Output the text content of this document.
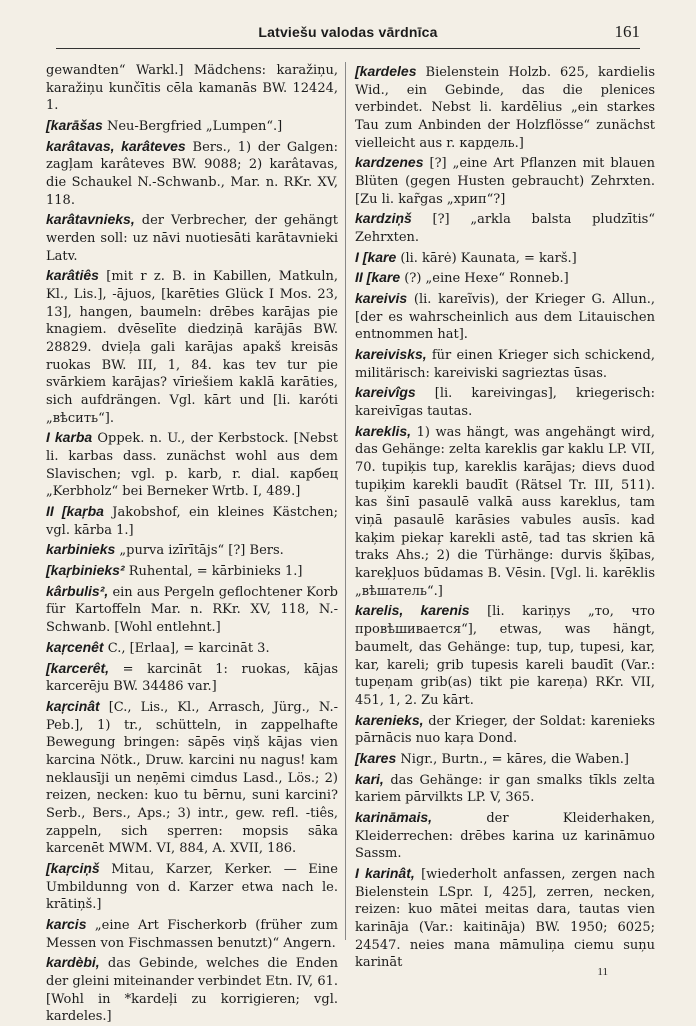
Latviešu valodas vārdnīca	161

gewandten“ Warkl.] Mädchens: karažiņu, karažiņu kunčītis cēla kamanās BW. 12424, 1.

[karāšas Neu-Bergfried „Lumpen“.]

karâtavas, karâteves Bers., 1) der Galgen: zagļam karâteves BW. 9088; 2) karâtavas, die Schaukel N.-Schwanb., Mar. n. RKr. XV, 118.

karâtavnieks, der Verbrecher, der gehängt werden soll: uz nāvi nuotiesāti karātavnieki Latv.

karâtiês [mit r z. B. in Kabillen, Matkuln, Kl., Lis.], -ājuos, [karēties Glück I Mos. 23, 13], hangen, baumeln: drēbes karājas pie knagiem. dvēselīte diedziņā karājās BW. 28829. dvieļa gali karājas apakš kreisās ruokas BW. III, 1, 84. kas tev tur pie svārkiem karājas? vīriešiem kaklā karāties, sich aufdrängen. Vgl. kārt und [li. karóti „вѣсить“].

I karba Oppek. n. U., der Kerbstock. [Nebst li. karbas dass. zunächst wohl aus dem Slavischen; vgl. p. karb, r. dial. карбец „Kerbholz“ bei Berneker Wrtb. I, 489.]

II [kaŗba Jakobshof, ein kleines Kästchen; vgl. kārba 1.]

karbinieks „purva izīrītājs“ [?] Bers.

[kaŗbinieks² Ruhental, = kārbinieks 1.]

kârbulis², ein aus Pergeln geflochtener Korb für Kartoffeln Mar. n. RKr. XV, 118, N.-Schwanb. [Wohl entlehnt.]

kaŗcenêt C., [Erlaa], = karcināt 3.

[karcerêt, = karcināt 1: ruokas, kājas karcerēju BW. 34486 var.]

kaŗcinât [C., Lis., Kl., Arrasch, Jürg., N.-Peb.], 1) tr., schütteln, in zappelhafte Bewegung bringen: sāpēs viņš kājas vien karcina Nötk., Druw. karcini nu nagus! kam neklausīji un neņēmi cimdus Lasd., Lös.; 2) reizen, necken: kuo tu bērnu, suni karcini? Serb., Bers., Aps.; 3) intr., gew. refl. -tiês, zappeln, sich sperren: mopsis sāka karcenēt MWM. VI, 884, A. XVII, 186.

[kaŗciņš Mitau, Karzer, Kerker. — Eine Umbildunng von d. Karzer etwa nach le. krātiņš.]

karcis „eine Art Fischerkorb (früher zum Messen von Fischmassen benutzt)“ Angern.

kardèbi, das Gebinde, welches die Enden der gleini miteinander verbindet Etn. IV, 61. [Wohl in *kardeļi zu korrigieren; vgl. kardeles.]

[kardeles Bielenstein Holzb. 625, kardielis Wid., ein Gebinde, das die plenices verbindet. Nebst li. kardēlius „ein starkes Tau zum Anbinden der Holzflösse“ zunächst vielleicht aus r. кардель.]

kardzenes [?] „eine Art Pflanzen mit blauen Blüten (gegen Husten gebraucht) Zehrxten. [Zu li. kar̃gas „хрип“?]

kardziņš [?] „arkla balsta pludzītis“ Zehrxten.

I [kare (li. kārė) Kaunata, = karš.]

II [kare (?) „eine Hexe“ Ronneb.]

kareivis (li. kareĩvis), der Krieger G. Allun., [der es wahrscheinlich aus dem Litauischen entnommen hat].

kareivisks, für einen Krieger sich schickend, militärisch: kareiviski sagrieztas ūsas.

kareivîgs [li. kareivingas], kriegerisch: kareivīgas tautas.

kareklis, 1) was hängt, was angehängt wird, das Gehänge: zelta kareklis gar kaklu LP. VII, 70. tupiķis tup, kareklis karājas; dievs duod tupiķim karekli baudīt (Rätsel Tr. III, 511). kas šinī pasaulē valkā auss kareklus, tam viņā pasaulē karāsies vabules ausīs. kad kaķim piekaŗ karekli astē, tad tas skrien kā traks Ahs.; 2) die Türhänge: durvis šķības, kareķļuos būdamas B. Vēsin. [Vgl. li. karēklis „вѣшатель“.]

karelis, karenis [li. kariņys „то, что провѣшивается“], etwas, was hängt, baumelt, das Gehänge: tup, tup, tupesi, kar, kar, kareli; grib tupesis kareli baudīt (Var.: tupeņam grib(as) tikt pie kareņa) RKr. VII, 451, 1, 2. Zu kārt.

karenieks, der Krieger, der Soldat: karenieks pārnācis nuo kaŗa Dond.

[kares Nigr., Burtn., = kāres, die Waben.]

kari, das Gehänge: ir gan smalks tīkls zelta kariem pārvilkts LP. V, 365.

karināmais,	der Kleiderhaken, Kleiderrechen: drēbes karina uz karināmuo Sassm.

I karinât, [wiederholt anfassen, zergen nach Bielenstein LSpr. I, 425], zerren, necken, reizen: kuo mātei meitas dara, tautas vien karināja (Var.: kaitināja) BW. 1950; 6025; 24547. neies mana māmuliņa ciemu suņu karināt

11
